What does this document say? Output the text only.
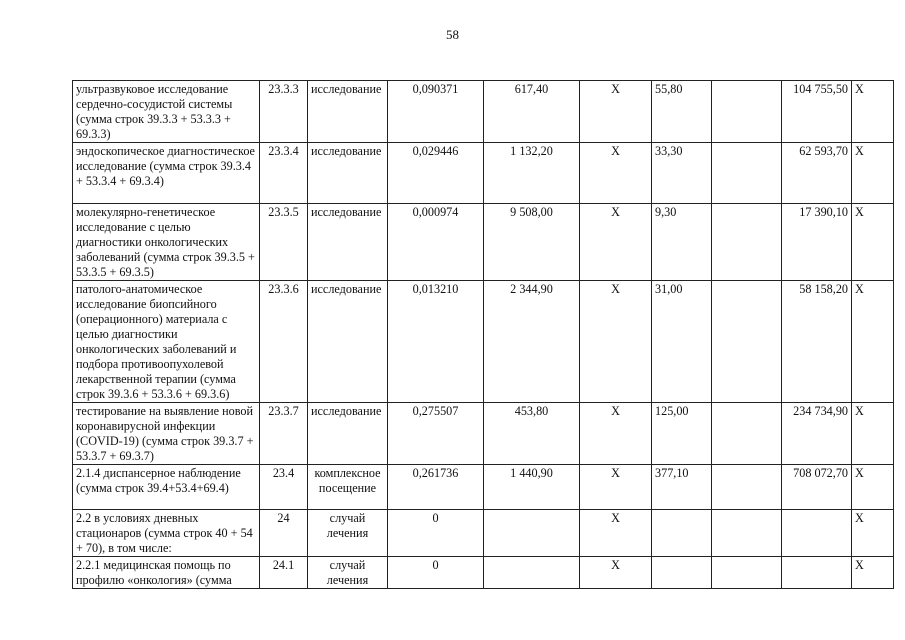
58
ультразвуковое исследование сердечно-сосудистой системы (сумма строк 39.3.3 + 53.3.3 + 69.3.3)	23.3.3	исследование	0,090371	617,40	X	55,80		104 755,50	X
эндоскопическое диагностическое исследование (сумма строк 39.3.4 + 53.3.4 + 69.3.4)	23.3.4	исследование	0,029446	1 132,20	X	33,30		62 593,70	X
молекулярно-генетическое исследование с целью диагностики онкологических заболеваний (сумма строк 39.3.5 + 53.3.5 + 69.3.5)	23.3.5	исследование	0,000974	9 508,00	X	9,30		17 390,10	X
патолого-анатомическое исследование биопсийного (операционного) материала с целью диагностики онкологических заболеваний и подбора противоопухолевой лекарственной терапии (сумма строк 39.3.6 + 53.3.6 + 69.3.6)	23.3.6	исследование	0,013210	2 344,90	X	31,00		58 158,20	X
тестирование на выявление новой коронавирусной инфекции (COVID-19) (сумма строк 39.3.7 + 53.3.7 + 69.3.7)	23.3.7	исследование	0,275507	453,80	X	125,00		234 734,90	X
2.1.4 диспансерное наблюдение (сумма строк 39.4+53.4+69.4)	23.4	комплексное посещение	0,261736	1 440,90	X	377,10		708 072,70	X
2.2 в условиях дневных стационаров (сумма строк 40 + 54 + 70), в том числе:	24	случай лечения	0		X				X
2.2.1 медицинская помощь по профилю «онкология» (сумма	24.1	случай лечения	0		X				X
